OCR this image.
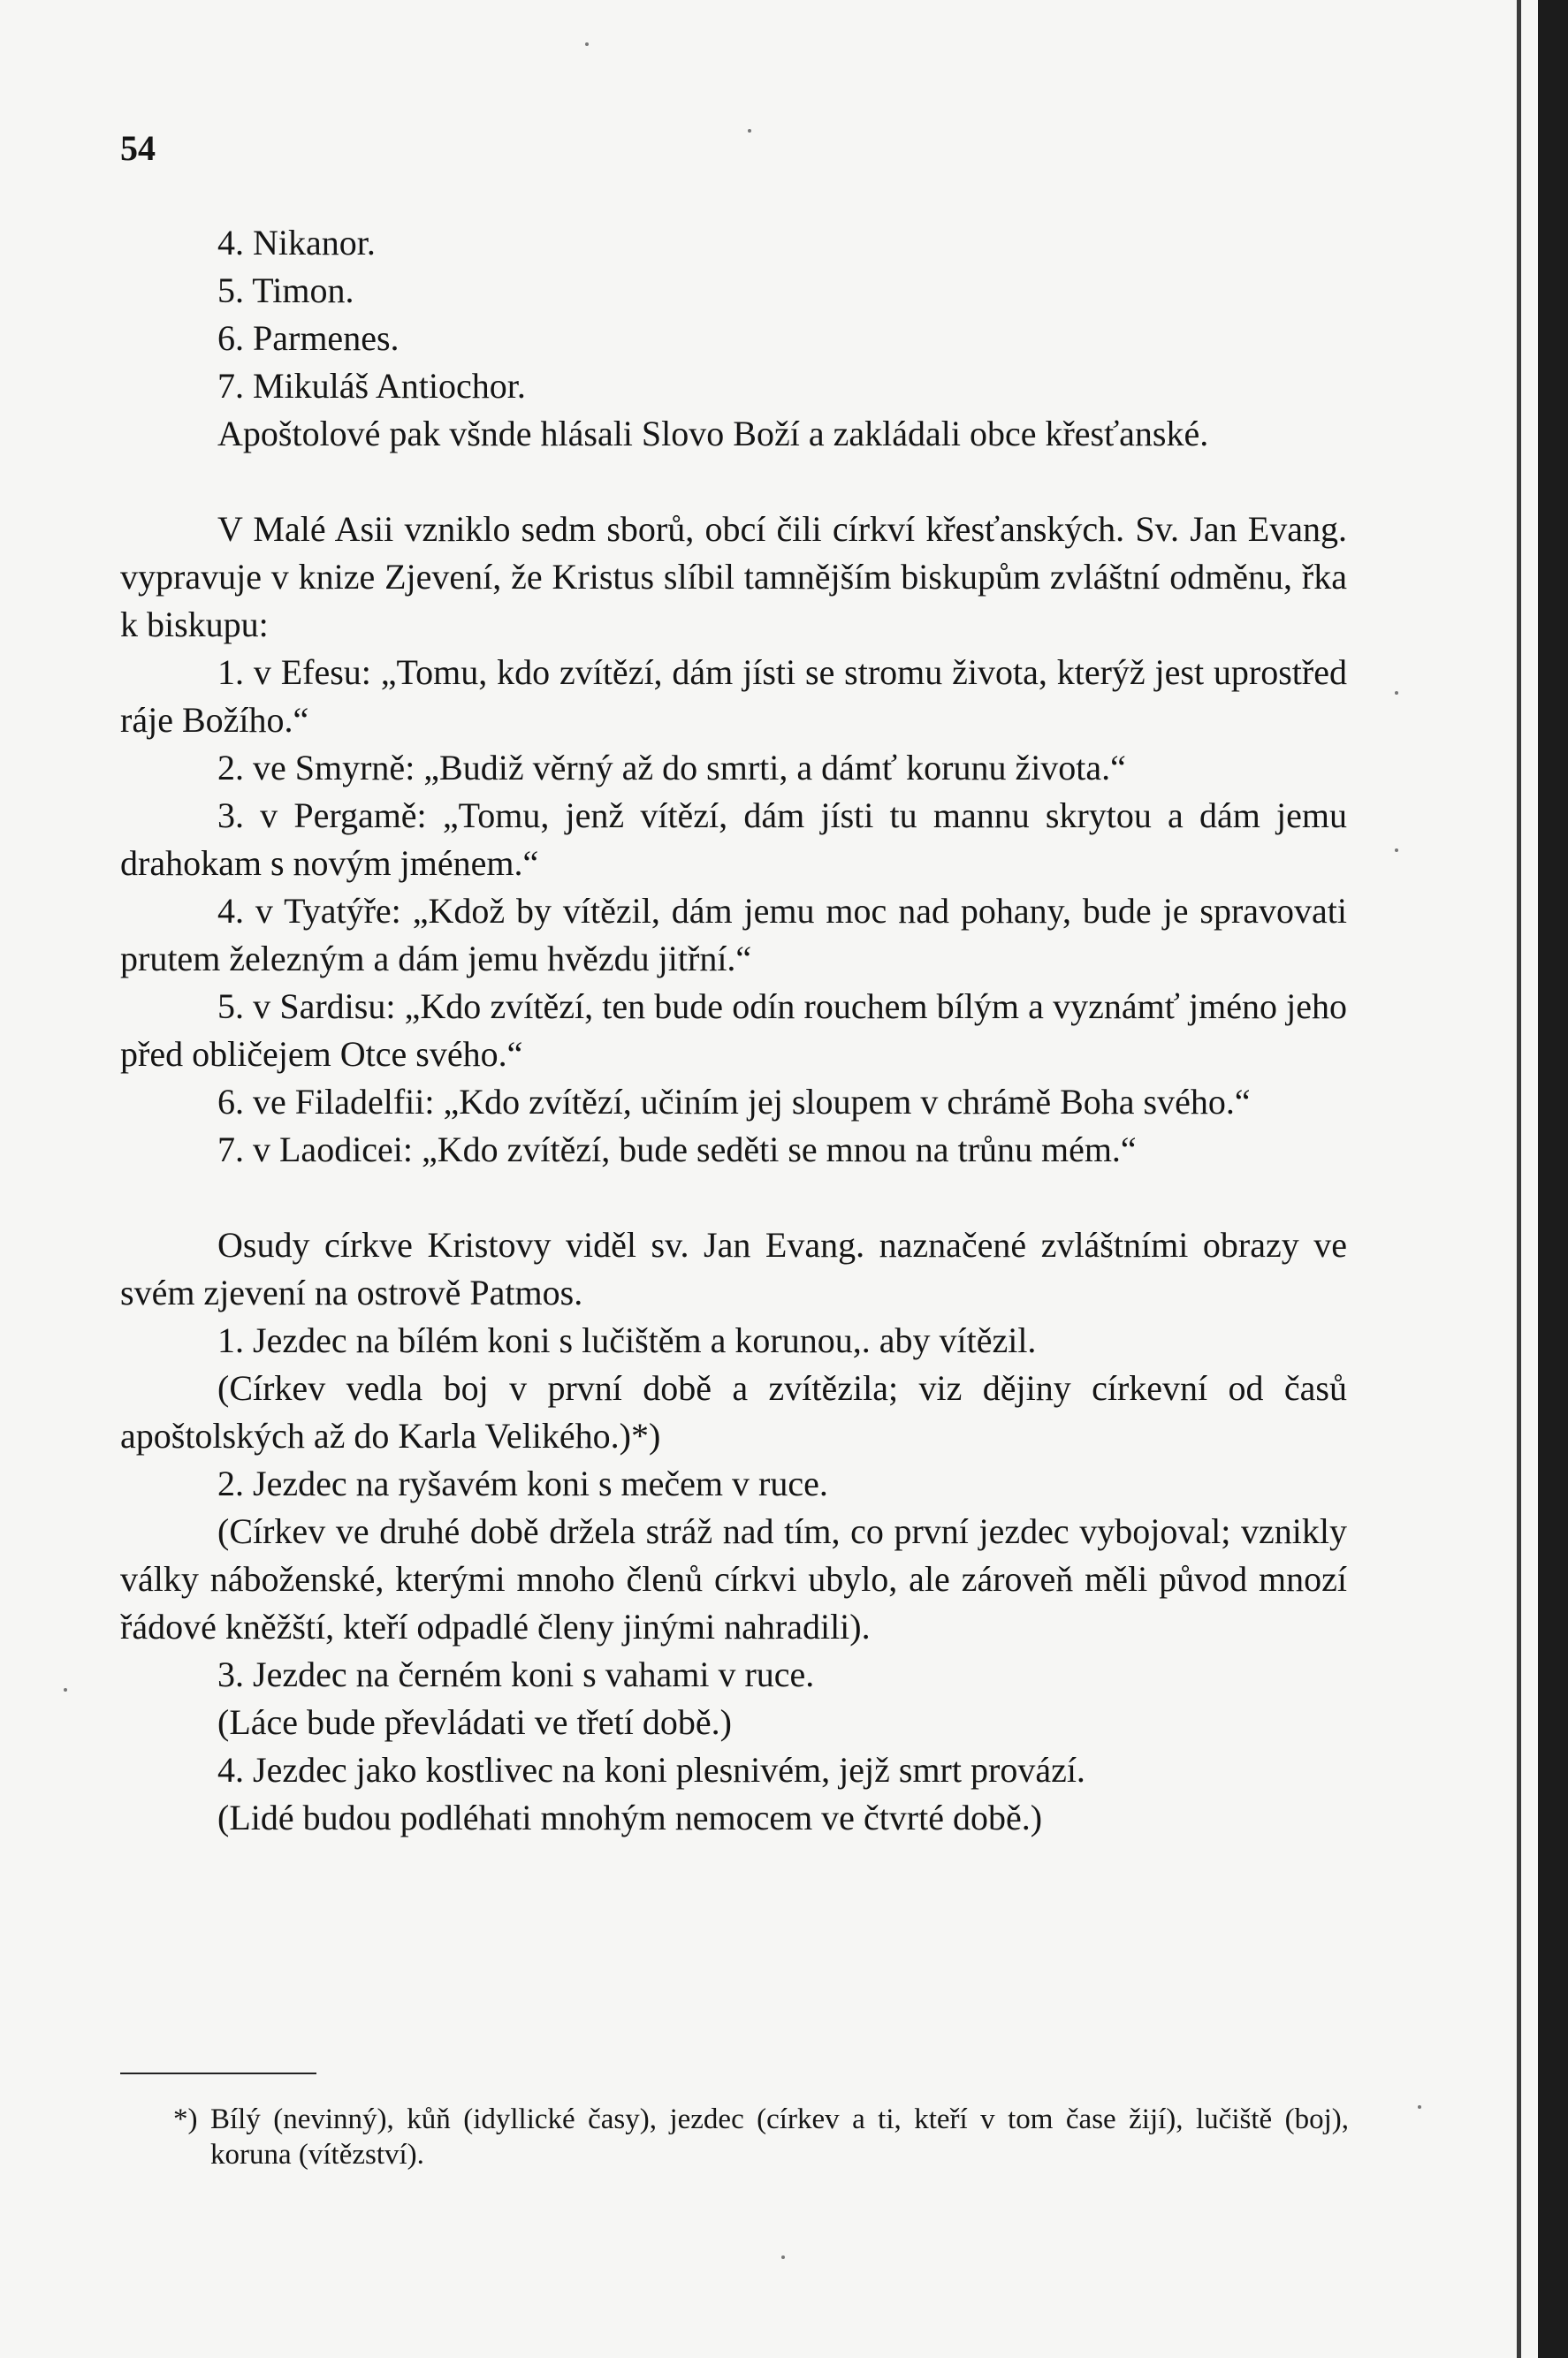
54

4. Nikanor.

5. Timon.

6. Parmenes.

7. Mikuláš Antiochor.

Apoštolové pak všnde hlásali Slovo Boží a zakládali obce křesťanské.

V Malé Asii vzniklo sedm sborů, obcí čili církví křesťanských. Sv. Jan Evang. vypravuje v knize Zjevení, že Kristus slíbil tamnějším biskupům zvláštní odměnu, řka k biskupu:

1. v Efesu: „Tomu, kdo zvítězí, dám jísti se stromu života, kterýž jest uprostřed ráje Božího.“

2. ve Smyrně: „Budiž věrný až do smrti, a dámť korunu života.“

3. v Pergamě: „Tomu, jenž vítězí, dám jísti tu mannu skrytou a dám jemu drahokam s novým jménem.“

4. v Tyatýře: „Kdož by vítězil, dám jemu moc nad pohany, bude je spravovati prutem železným a dám jemu hvězdu jitřní.“

5. v Sardisu: „Kdo zvítězí, ten bude odín rouchem bílým a vyznámť jméno jeho před obličejem Otce svého.“

6. ve Filadelfii: „Kdo zvítězí, učiním jej sloupem v chrámě Boha svého.“

7. v Laodicei: „Kdo zvítězí, bude seděti se mnou na trůnu mém.“

Osudy církve Kristovy viděl sv. Jan Evang. naznačené zvláštními obrazy ve svém zjevení na ostrově Patmos.

1. Jezdec na bílém koni s lučištěm a korunou,. aby vítězil.

(Církev vedla boj v první době a zvítězila; viz dějiny církevní od časů apoštolských až do Karla Velikého.)*)

2. Jezdec na ryšavém koni s mečem v ruce.

(Církev ve druhé době držela stráž nad tím, co první jezdec vybojoval; vznikly války náboženské, kterými mnoho členů církvi ubylo, ale zároveň měli původ mnozí řádové kněžští, kteří odpadlé členy jinými nahradili).

3. Jezdec na černém koni s vahami v ruce.

(Láce bude převládati ve třetí době.)

4. Jezdec jako kostlivec na koni plesnivém, jejž smrt provází.

(Lidé budou podléhati mnohým nemocem ve čtvrté době.)

*) Bílý (nevinný), kůň (idyllické časy), jezdec (církev a ti, kteří v tom čase žijí), lučiště (boj), koruna (vítězství).
